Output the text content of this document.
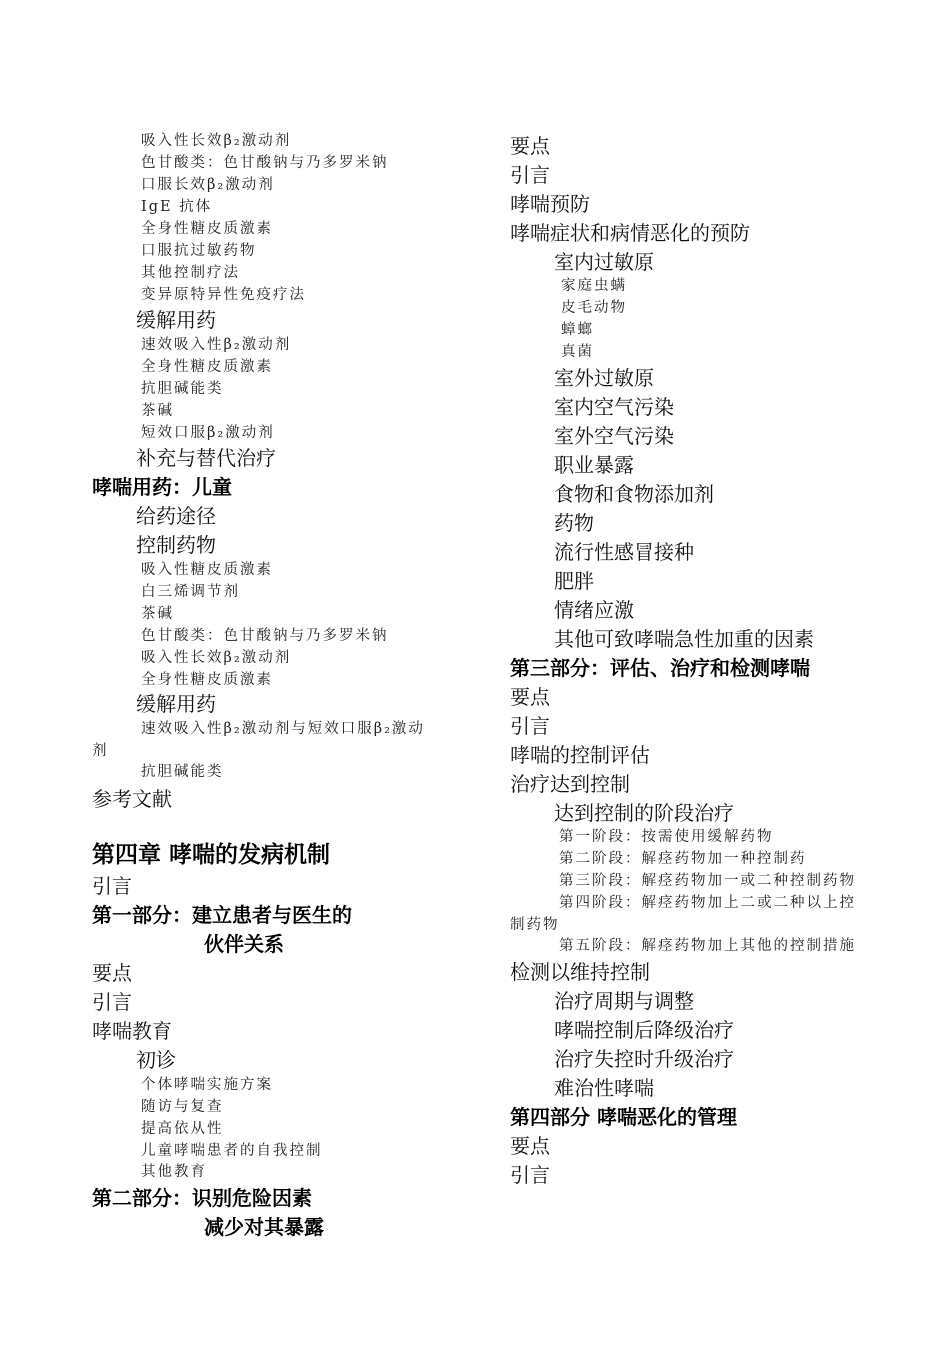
吸入性长效β₂激动剂
色甘酸类：色甘酸钠与乃多罗米钠
口服长效β₂激动剂
IgE 抗体
全身性糖皮质激素
口服抗过敏药物
其他控制疗法
变异原特异性免疫疗法
缓解用药
速效吸入性β₂激动剂
全身性糖皮质激素
抗胆碱能类
茶碱
短效口服β₂激动剂
补充与替代治疗
哮喘用药：儿童
给药途径
控制药物
吸入性糖皮质激素
白三烯调节剂
茶碱
色甘酸类：色甘酸钠与乃多罗米钠
吸入性长效β₂激动剂
全身性糖皮质激素
缓解用药
速效吸入性β₂激动剂与短效口服β₂激动
剂
抗胆碱能类
参考文献
第四章 哮喘的发病机制
引言
第一部分：建立患者与医生的
伙伴关系
要点
引言
哮喘教育
初诊
个体哮喘实施方案
随访与复查
提高依从性
儿童哮喘患者的自我控制
其他教育
第二部分：识别危险因素
减少对其暴露
要点
引言
哮喘预防
哮喘症状和病情恶化的预防
室内过敏原
家庭虫螨
皮毛动物
蟑螂
真菌
室外过敏原
室内空气污染
室外空气污染
职业暴露
食物和食物添加剂
药物
流行性感冒接种
肥胖
情绪应激
其他可致哮喘急性加重的因素
第三部分：评估、治疗和检测哮喘
要点
引言
哮喘的控制评估
治疗达到控制
达到控制的阶段治疗
第一阶段：按需使用缓解药物
第二阶段：解痉药物加一种控制药
第三阶段：解痉药物加一或二种控制药物
第四阶段：解痉药物加上二或二种以上控
制药物
第五阶段：解痉药物加上其他的控制措施
检测以维持控制
治疗周期与调整
哮喘控制后降级治疗
治疗失控时升级治疗
难治性哮喘
第四部分 哮喘恶化的管理
要点
引言
